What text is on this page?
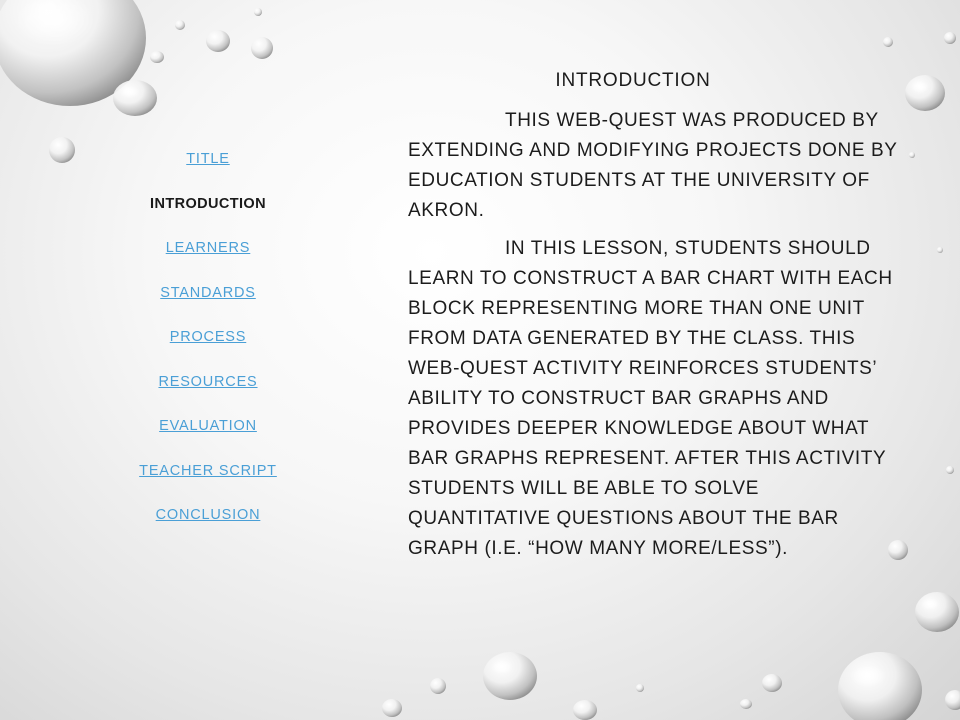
TITLE
INTRODUCTION
LEARNERS
STANDARDS
PROCESS
RESOURCES
EVALUATION
TEACHER SCRIPT
CONCLUSION
INTRODUCTION

THIS WEB-QUEST WAS PRODUCED BY EXTENDING AND MODIFYING PROJECTS DONE BY EDUCATION STUDENTS AT THE UNIVERSITY OF AKRON.

IN THIS LESSON, STUDENTS SHOULD LEARN TO CONSTRUCT A BAR CHART WITH EACH BLOCK REPRESENTING MORE THAN ONE UNIT FROM DATA GENERATED BY THE CLASS. THIS WEB-QUEST ACTIVITY REINFORCES STUDENTS’ ABILITY TO CONSTRUCT BAR GRAPHS AND PROVIDES DEEPER KNOWLEDGE ABOUT WHAT BAR GRAPHS REPRESENT. AFTER THIS ACTIVITY STUDENTS WILL BE ABLE TO SOLVE QUANTITATIVE QUESTIONS ABOUT THE BAR GRAPH (I.E. “HOW MANY MORE/LESS”).
